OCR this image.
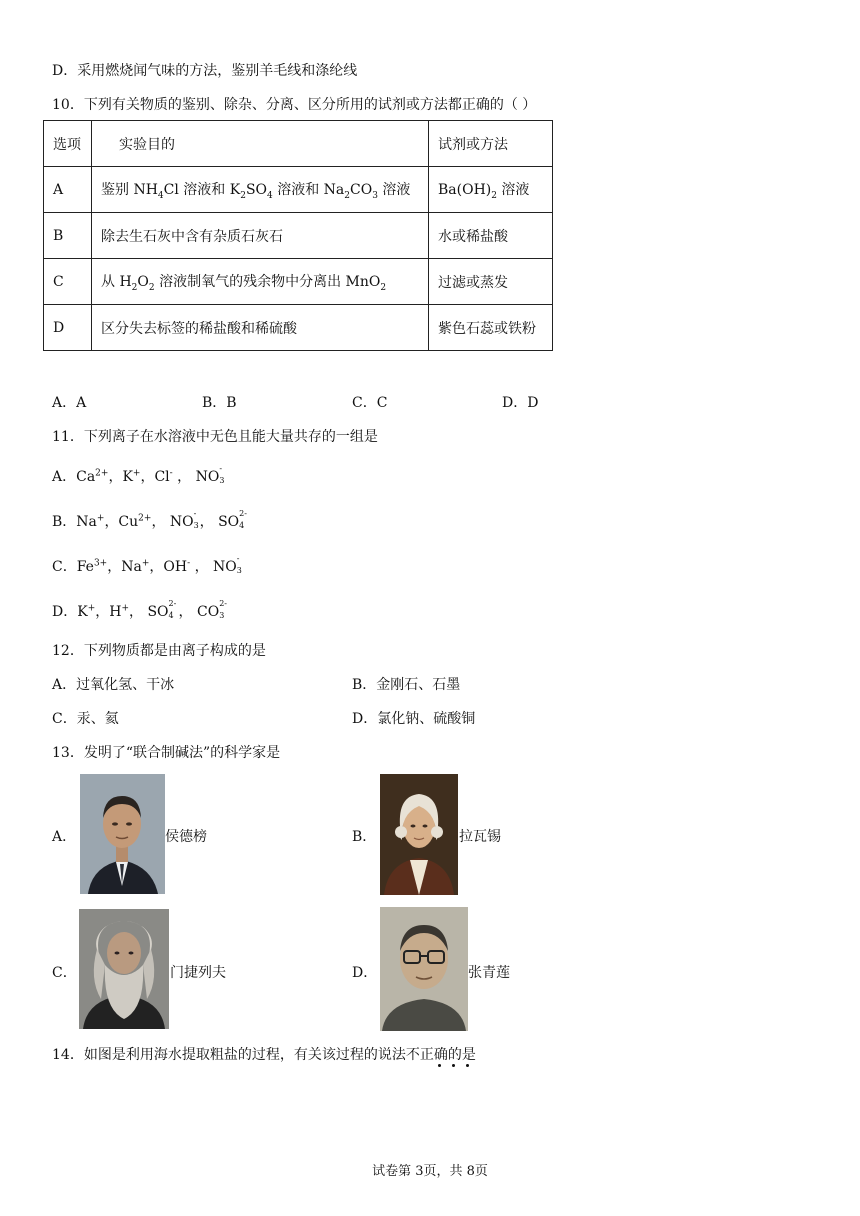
D．采用燃烧闻气味的方法，鉴别羊毛线和涤纶线
10．下列有关物质的鉴别、除杂、分离、区分所用的试剂或方法都正确的（ ）
选项	实验目的	试剂或方法
A	鉴别 $NH_4Cl$ 溶液和 $K_2SO_4$ 溶液和 $Na_2CO_3$ 溶液	$Ba(OH)_2$ 溶液
B	除去生石灰中含有杂质石灰石	水或稀盐酸
C	从 $H_2O_2$ 溶液制氧气的残余物中分离出 MnO$_2$	过滤或蒸发
D	区分失去标签的稀盐酸和稀硫酸	紫色石蕊或铁粉
A．A	B．B	C．C	D．D
11．下列离子在水溶液中无色且能大量共存的一组是
A．$Ca^{2+}$，K+，Cl- ， NO
-
3
B．Na+，$Cu^{2+}$， NO
-
3 ， SO
2-
4
C．$Fe^{3+}$，Na+，OH- ， NO
-
3
D．K+，H+， SO
2-
4 ， CO
2-
3
12．下列物质都是由离子构成的是
A．过氧化氢、干冰	B．金刚石、石墨
C．汞、氦	D．氯化钠、硫酸铜
13．发明了“联合制碱法”的科学家是
A．	侯德榜	B．	拉瓦锡
C．	门捷列夫	D．	张青莲
14．如图是利用海水提取粗盐的过程，有关该过程的说法不正确的是
试卷第 3页，共 8页
